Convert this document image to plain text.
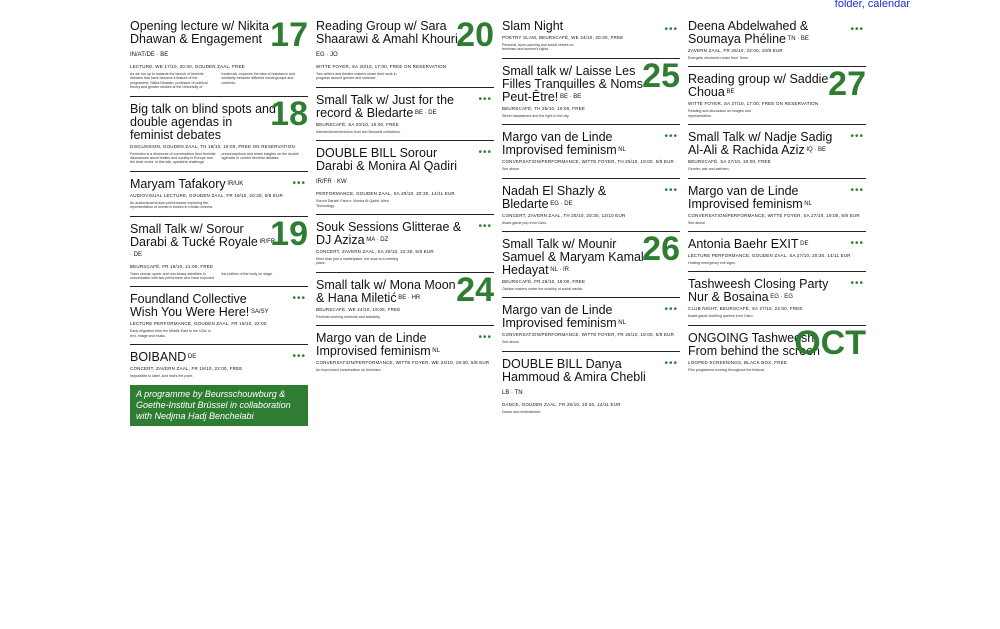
folder, calendar
Opening lecture w/ Nikita Dhawan & Engagement $^{IN/AT/DE \cdot BE}$
17
LECTURE, WE 17/10, 20:30, GOUDEN ZAAL, FREE
As we run up to towards the launch of feminist debates that have become a feature of the programme. Nikita Dhawan, professor of political theory and gender studies at the University of Innsbruck, explores the idea of resistance and solidarity between different social groups and contexts.
Big talk on blind spots and double agendas in feminist debates
18
DISCUSSION, GOUDEN ZAAL, TH 18/10, 19:00, FREE ON RESERVATION
Feminism is a discourse of conversation from feminist discussions about bodies and society in Europe and the Arab world. In this talk, speakers challenge preconceptions and share insights on the double agendas in current feminist debates.
Maryam Tafakory $^{IR/UK}$	•••
AUDIOVISUAL LECTURE, GOUDEN ZAAL, FR 19/10, 20:30, 5/8 EUR
An audiovisual lecture-performance exploring the representation of women's bodies in Iranian cinema.
Small Talk w/ Sorour Darabi & Tucké Royale $^{IR/FR \cdot DE}$
19
BEURSCAFÉ, FR 19/10, 21:00, FREE
Trans sexual, queer and non-binary identities in conversation with two performers who have explored the politics of the body on stage.
Foundland Collective Wish You Were Here! $^{SA/SY}$
•••
LECTURE PERFORMANCE, GOUDEN ZAAL, FR 19/10, 22:00
Early migration from the Middle East to the USA, in text, image and music.
BOIBAND $^{DE}$	•••
CONCERT, ZAVERN ZAAL, FR 19/10, 22:00, FREE
Impossible to label. And that's the point.
A programme by Beursschouwburg & Goethe-Institut Brüssel in collaboration with Nedjma Hadj Benchelabi
Reading Group w/ Sara Shaarawi & Amahl Khouri $^{EG \cdot JO}$
20
WITTE FOYER, SA 20/10, 17:00, FREE ON RESERVATION
Two writers and theatre makers share their work in progress around gender and violence.
Small Talk w/ Just for the record & Bledarte $^{BE \cdot DE}$
•••
BEURSCAFÉ, SA 20/10, 19:00, FREE
Intersectional feminism from two Brussels collectives.
DOUBLE BILL Sorour Darabi & Monira Al Qadiri $^{IR/FR \cdot KW}$
•••
PERFORMANCE, GOUDEN ZAAL, SA 20/10, 20:30, 14/11 EUR
Sorour Darabi: Farci.e. Monira Al Qadiri: Alien Technology.
Souk Sessions Glitterae & DJ Aziza $^{MA \cdot DZ}$
•••
CONCERT, ZAVERN ZAAL, SA 20/10, 22:30, 5/8 EUR
More than just a marketplace, the souk is a meeting place.
Small talk w/ Mona Moon & Hana Miletić $^{BE \cdot HR}$	24
BEURSCAFÉ, WE 24/10, 19:00, FREE
Feminist working methods and solidarity.
Margo van de Linde Improvised feminism $^{NL}$
•••
CONVERSATION/PERFORMANCE, WITTE FOYER, WE 24/10, 19:00, 5/8 EUR
An improvised conversation on feminism.
Slam Night	•••
POETRY SLAM, BEURSCAFÉ, WE 24/10, 20:30, FREE
Personal, eyes-opening and social verses on feminism and women's rights.
Small talk w/ Laisse Les Filles Tranquilles & Noms Peut-Être! $^{BE \cdot BE}$
25
BEURSCAFÉ, TH 25/10, 19:00, FREE
Street harassment and the right to the city.
Margo van de Linde Improvised feminism $^{NL}$
•••
CONVERSATION/PERFORMANCE, WITTE FOYER, TH 25/10, 19:00, 5/8 EUR
See above
Nadah El Shazly & Bledarte $^{EG \cdot DE}$
•••
CONCERT, ZAVERN ZAAL, TH 25/10, 20:30, 12/10 EUR
Avant-garde pop from Cairo.
Small Talk w/ Mounir Samuel & Maryam Kamal Hedayat $^{NL \cdot IR}$
26
BEURSCAFÉ, FR 26/10, 19:00, FREE
Opinion makers under the scrutiny of social media.
Margo van de Linde Improvised feminism $^{NL}$
•••
CONVERSATION/PERFORMANCE, WITTE FOYER, FR 26/10, 19:00, 5/8 EUR
See above
DOUBLE BILL Danya Hammoud & Amira Chebli $^{LB \cdot TN}$
•••
DANCE, GOUDEN ZAAL, FR 26/10, 20:30, 14/11 EUR
Dance and embodiment.
Deena Abdelwahed & Soumaya Phéline $^{TN \cdot BE}$
•••
ZAVERN ZAAL, FR 26/10, 22:00, 10/8 EUR
Energetic electronic music from Tunis.
Reading group w/ Saddie Choua $^{BE}$	27
WITTE FOYER, SA 27/10, 17:00, FREE ON RESERVATION
Reading and discussion on images and representation.
Small Talk w/ Nadje Sadig Al-Ali & Rachida Aziz $^{IQ \cdot BE}$
•••
BEURSCAFÉ, SA 27/10, 19:00, FREE
Gender, war and activism.
Margo van de Linde Improvised feminism $^{NL}$
•••
CONVERSATION/PERFORMANCE, WITTE FOYER, SA 27/10, 19:00, 5/8 EUR
See above
Antonia Baehr EXIT $^{DE}$	•••
LECTURE PERFORMANCE, GOUDEN ZAAL, SA 27/10, 20:30, 14/11 EUR
Hosting emergency exit signs.
Tashweesh Closing Party Nur & Bosaina $^{EG \cdot EG}$
•••
CLUB NIGHT, BEURSCAFÉ, SA 27/10, 22:00, FREE
Avant-garde clubbing queens from Cairo.
ONGOING Tashweesh From behind the screen
OCT
LOOPED SCREENINGS, BLACK BOX, FREE
Film programme running throughout the festival.
